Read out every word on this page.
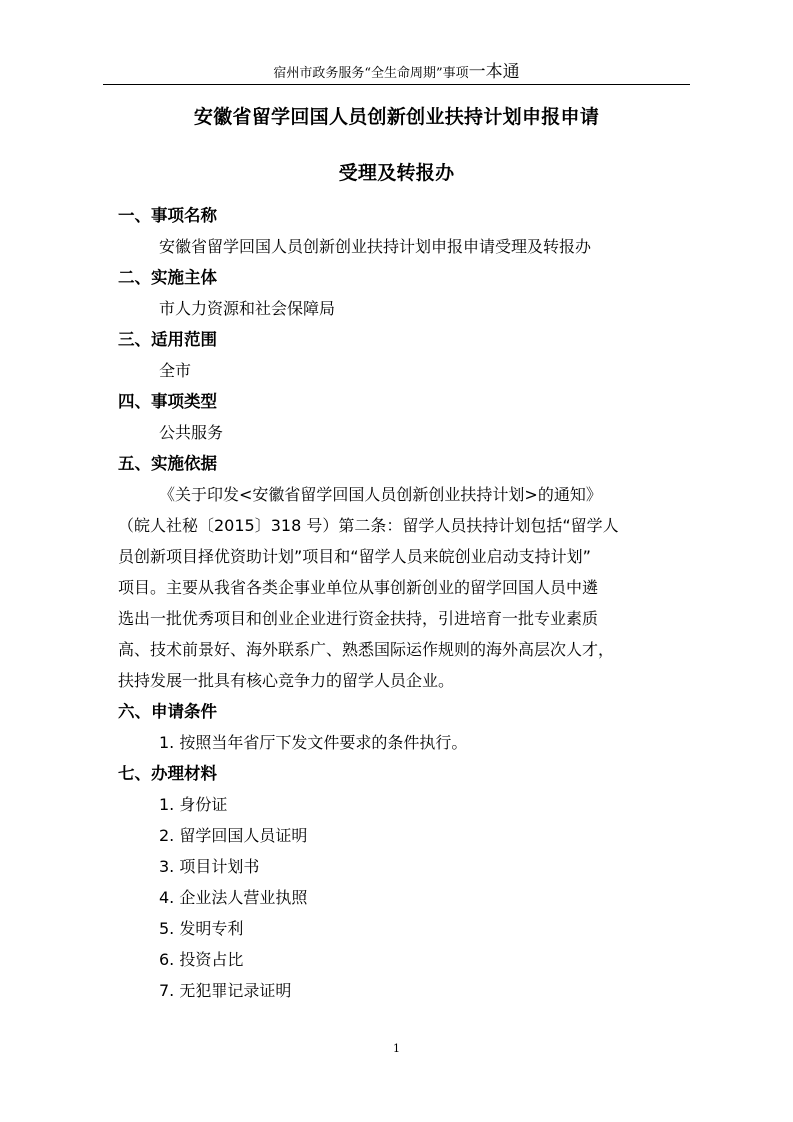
宿州市政务服务“全生命周期”事项一本通
安徽省留学回国人员创新创业扶持计划申报申请
受理及转报办
一、事项名称
安徽省留学回国人员创新创业扶持计划申报申请受理及转报办
二、实施主体
市人力资源和社会保障局
三、适用范围
全市
四、事项类型
公共服务
五、实施依据

《关于印发<安徽省留学回国人员创新创业扶持计划>的通知》

（皖人社秘〔2015〕318 号）第二条：留学人员扶持计划包括“留学人

员创新项目择优资助计划”项目和“留学人员来皖创业启动支持计划”

项目。主要从我省各类企事业单位从事创新创业的留学回国人员中遴

选出一批优秀项目和创业企业进行资金扶持，引进培育一批专业素质

高、技术前景好、海外联系广、熟悉国际运作规则的海外高层次人才，

扶持发展一批具有核心竞争力的留学人员企业。

六、申请条件
1. 按照当年省厅下发文件要求的条件执行。
七、办理材料
1. 身份证
2. 留学回国人员证明
3. 项目计划书
4. 企业法人营业执照
5. 发明专利
6. 投资占比
7. 无犯罪记录证明
1
